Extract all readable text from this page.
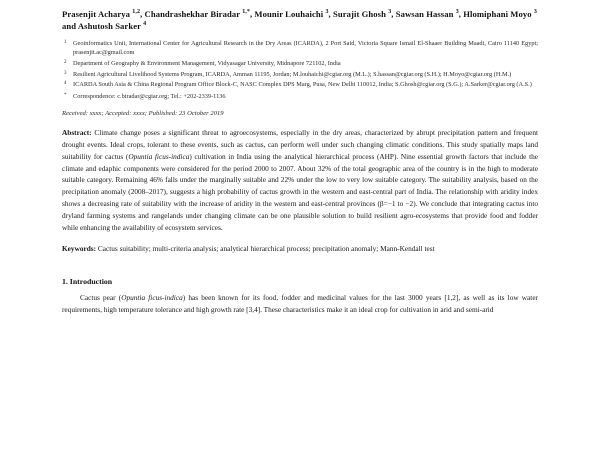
Prasenjit Acharya $^{1,2}$, Chandrashekhar Biradar $^{1,*}$, Mounir Louhaichi $^3$, Surajit Ghosh $^3$, Sawsan Hassan $^3$, Hlomiphani Moyo $^3$ and Ashutosh Sarker $^4$
1 Geoinformatics Unit, International Center for Agricultural Research in the Dry Areas (ICARDA), 2 Port Said, Victoria Square Ismail El-Shaaer Building Maadi, Cairo 11140 Egypt; prasenjit.ac@gmail.com
2 Department of Geography & Environment Management, Vidyasagar University, Midnapore 721102, India
3 Resilient Agricultural Livelihood Systems Program, ICARDA, Amman 11195, Jordan; M.louhaichi@cgiar.org (M.L.); S.hassan@cgiar.org (S.H.); H.Moyo@cgiar.org (H.M.)
4 ICARDA South Asia & China Regional Program Office Block-C, NASC Complex DPS Marg, Pusa, New Delhi 110012, India; S.Ghosh@cgiar.org (S.G.); A.Sarker@cgiar.org (A.S.)
* Correspondence: c.biradar@cgiar.org; Tel.: +202-2339-1136
Received: xxxx; Accepted: xxxx; Published: 23 October 2019
Abstract: Climate change poses a significant threat to agroecosystems, especially in the dry areas, characterized by abrupt precipitation pattern and frequent drought events. Ideal crops, tolerant to these events, such as cactus, can perform well under such changing climatic conditions. This study spatially maps land suitability for cactus (Opuntia ficus-indica) cultivation in India using the analytical hierarchical process (AHP). Nine essential growth factors that include the climate and edaphic components were considered for the period 2000 to 2007. About 32% of the total geographic area of the country is in the high to moderate suitable category. Remaining 46% falls under the marginally suitable and 22% under the low to very low suitable category. The suitability analysis, based on the precipitation anomaly (2008–2017), suggests a high probability of cactus growth in the western and east-central part of India. The relationship with aridity index shows a decreasing rate of suitability with the increase of aridity in the western and east-central provinces (β=−1 to −2). We conclude that integrating cactus into dryland farming systems and rangelands under changing climate can be one plausible solution to build resilient agro-ecosystems that provide food and fodder while enhancing the availability of ecosystem services.
Keywords: Cactus suitability; multi-criteria analysis; analytical hierarchical process; precipitation anomaly; Mann-Kendall test
1. Introduction

Cactus pear (Opuntia ficus-indica) has been known for its food, fodder and medicinal values for the last 3000 years [1,2], as well as its low water requirements, high temperature tolerance and high growth rate [3,4]. These characteristics make it an ideal crop for cultivation in arid and semi-arid
